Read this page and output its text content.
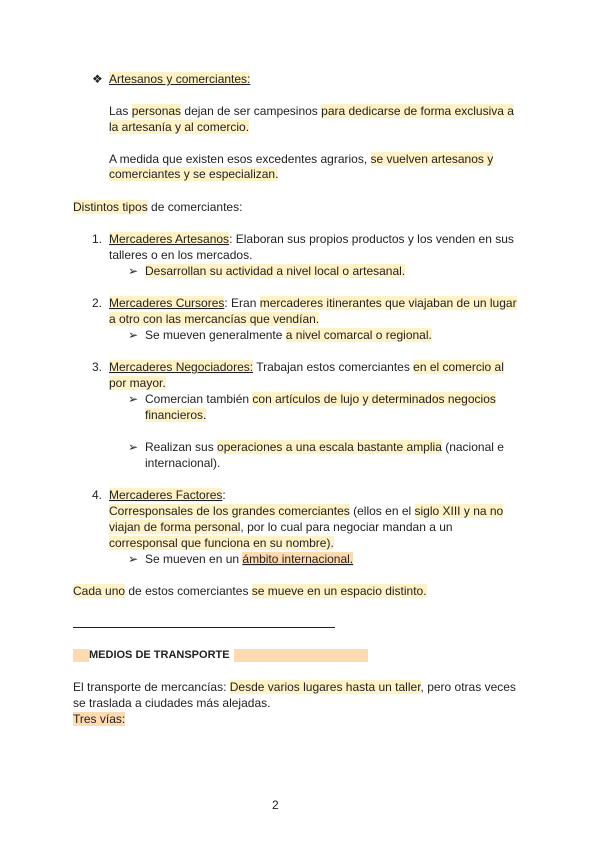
❖ Artesanos y comerciantes:
Las personas dejan de ser campesinos para dedicarse de forma exclusiva a
la artesanía y al comercio.
A medida que existen esos excedentes agrarios, se vuelven artesanos y
comerciantes y se especializan.
Distintos tipos de comerciantes:
1. Mercaderes Artesanos: Elaboran sus propios productos y los venden en sus
talleres o en los mercados.
➢ Desarrollan su actividad a nivel local o artesanal.
2. Mercaderes Cursores: Eran mercaderes itinerantes que viajaban de un lugar
a otro con las mercancías que vendían.
➢ Se mueven generalmente a nivel comarcal o regional.
3. Mercaderes Negociadores: Trabajan estos comerciantes en el comercio al
por mayor.
➢ Comercian también con artículos de lujo y determinados negocios
financieros.
➢ Realizan sus operaciones a una escala bastante amplia (nacional e
internacional).
4. Mercaderes Factores:
Corresponsales de los grandes comerciantes (ellos en el siglo XIII y na no
viajan de forma personal, por lo cual para negociar mandan a un
corresponsal que funciona en su nombre).
➢ Se mueven en un ámbito internacional.
Cada uno de estos comerciantes se mueve en un espacio distinto.
MEDIOS DE TRANSPORTE
El transporte de mercancías: Desde varios lugares hasta un taller, pero otras veces
se traslada a ciudades más alejadas.
Tres vías:
2
